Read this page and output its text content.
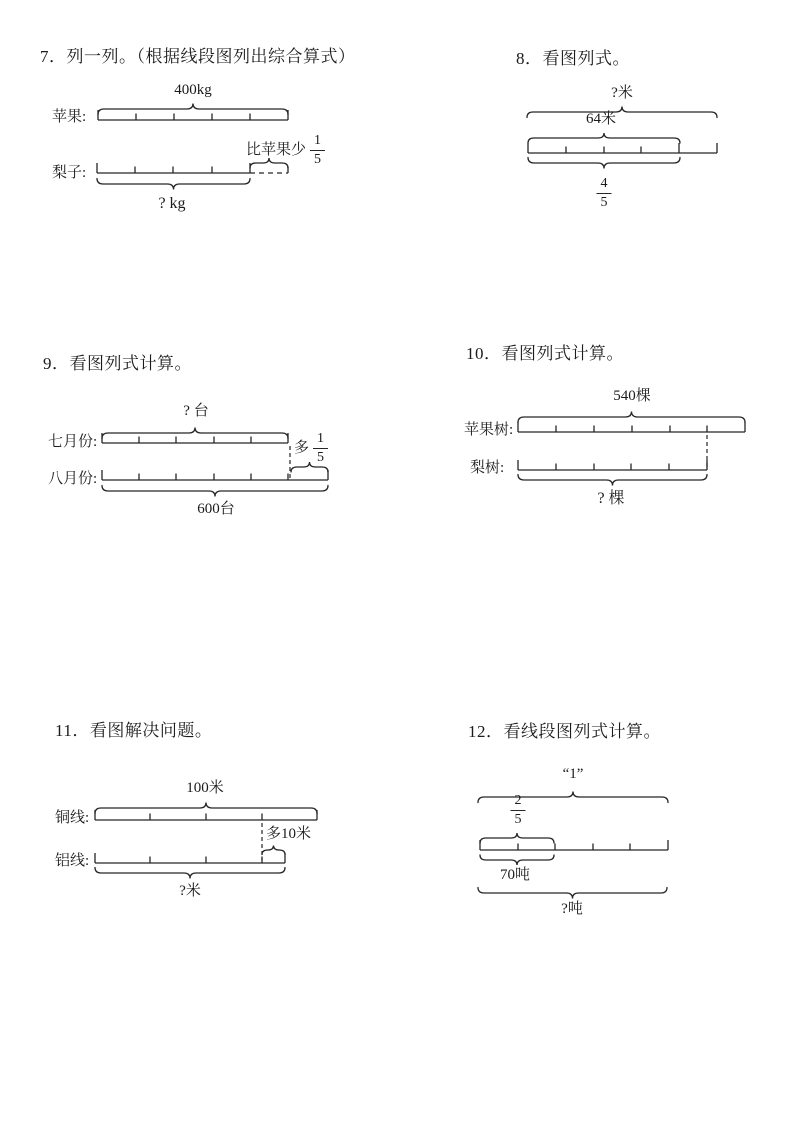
7．列一列。（根据线段图列出综合算式）
400kg
苹果:
比苹果少 $\frac{1}{5}$
梨子:
? kg
8．看图列式。
?米
64米
$\frac{4}{5}$
9．看图列式计算。
? 台
七月份:	多 $\frac{1}{5}$
八月份:
600台
10．看图列式计算。
540棵
苹果树:
梨树:
? 棵
11．看图解决问题。
100米
铜线:
多10米
铝线:
?米
12．看线段图列式计算。
“1”
$\frac{2}{5}$
70吨
?吨
